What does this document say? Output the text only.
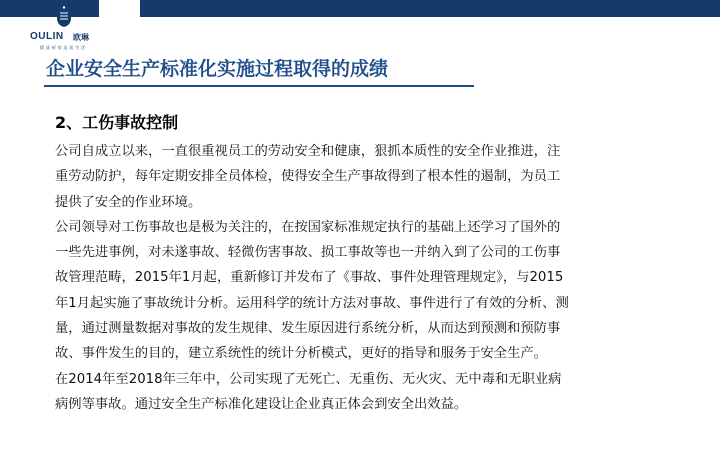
OULIN 欧琳
精 质 厨 房 品 质 生 活
企业安全生产标准化实施过程取得的成绩
2、工伤事故控制
公司自成立以来，一直很重视员工的劳动安全和健康，狠抓本质性的安全作业推进，注
重劳动防护，每年定期安排全员体检，使得安全生产事故得到了根本性的遏制，为员工
提供了安全的作业环境。
公司领导对工伤事故也是极为关注的，在按国家标准规定执行的基础上还学习了国外的
一些先进事例，对未遂事故、轻微伤害事故、损工事故等也一并纳入到了公司的工伤事
故管理范畴，2015年1月起，重新修订并发布了《事故、事件处理管理规定》，与2015
年1月起实施了事故统计分析。运用科学的统计方法对事故、事件进行了有效的分析、测
量，通过测量数据对事故的发生规律、发生原因进行系统分析，从而达到预测和预防事
故、事件发生的目的，建立系统性的统计分析模式，更好的指导和服务于安全生产。
在2014年至2018年三年中，公司实现了无死亡、无重伤、无火灾、无中毒和无职业病
病例等事故。通过安全生产标准化建设让企业真正体会到安全出效益。
